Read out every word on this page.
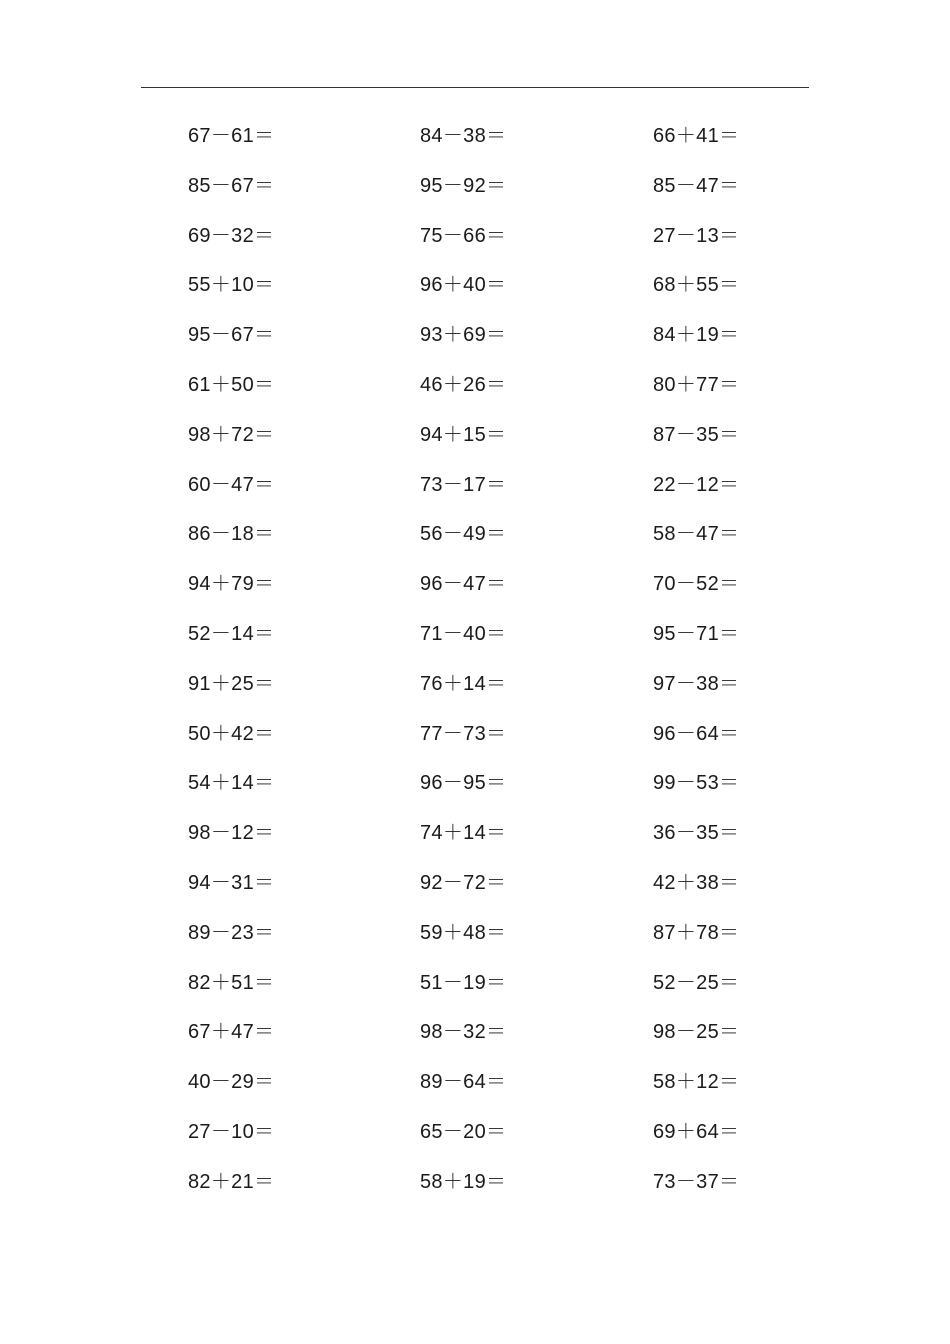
67－61＝	84－38＝	66＋41＝
85－67＝	95－92＝	85－47＝
69－32＝	75－66＝	27－13＝
55＋10＝	96＋40＝	68＋55＝
95－67＝	93＋69＝	84＋19＝
61＋50＝	46＋26＝	80＋77＝
98＋72＝	94＋15＝	87－35＝
60－47＝	73－17＝	22－12＝
86－18＝	56－49＝	58－47＝
94＋79＝	96－47＝	70－52＝
52－14＝	71－40＝	95－71＝
91＋25＝	76＋14＝	97－38＝
50＋42＝	77－73＝	96－64＝
54＋14＝	96－95＝	99－53＝
98－12＝	74＋14＝	36－35＝
94－31＝	92－72＝	42＋38＝
89－23＝	59＋48＝	87＋78＝
82＋51＝	51－19＝	52－25＝
67＋47＝	98－32＝	98－25＝
40－29＝	89－64＝	58＋12＝
27－10＝	65－20＝	69＋64＝
82＋21＝	58＋19＝	73－37＝
